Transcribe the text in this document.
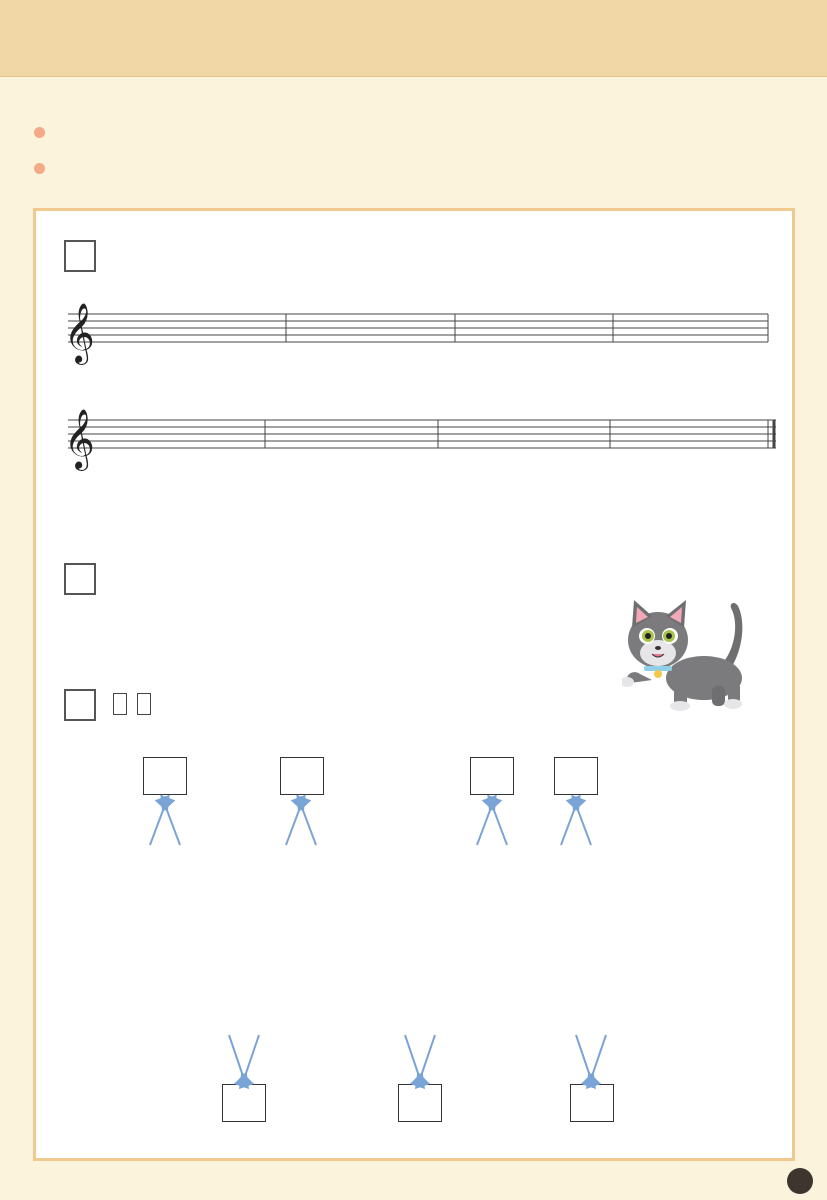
𝄞
𝄞
